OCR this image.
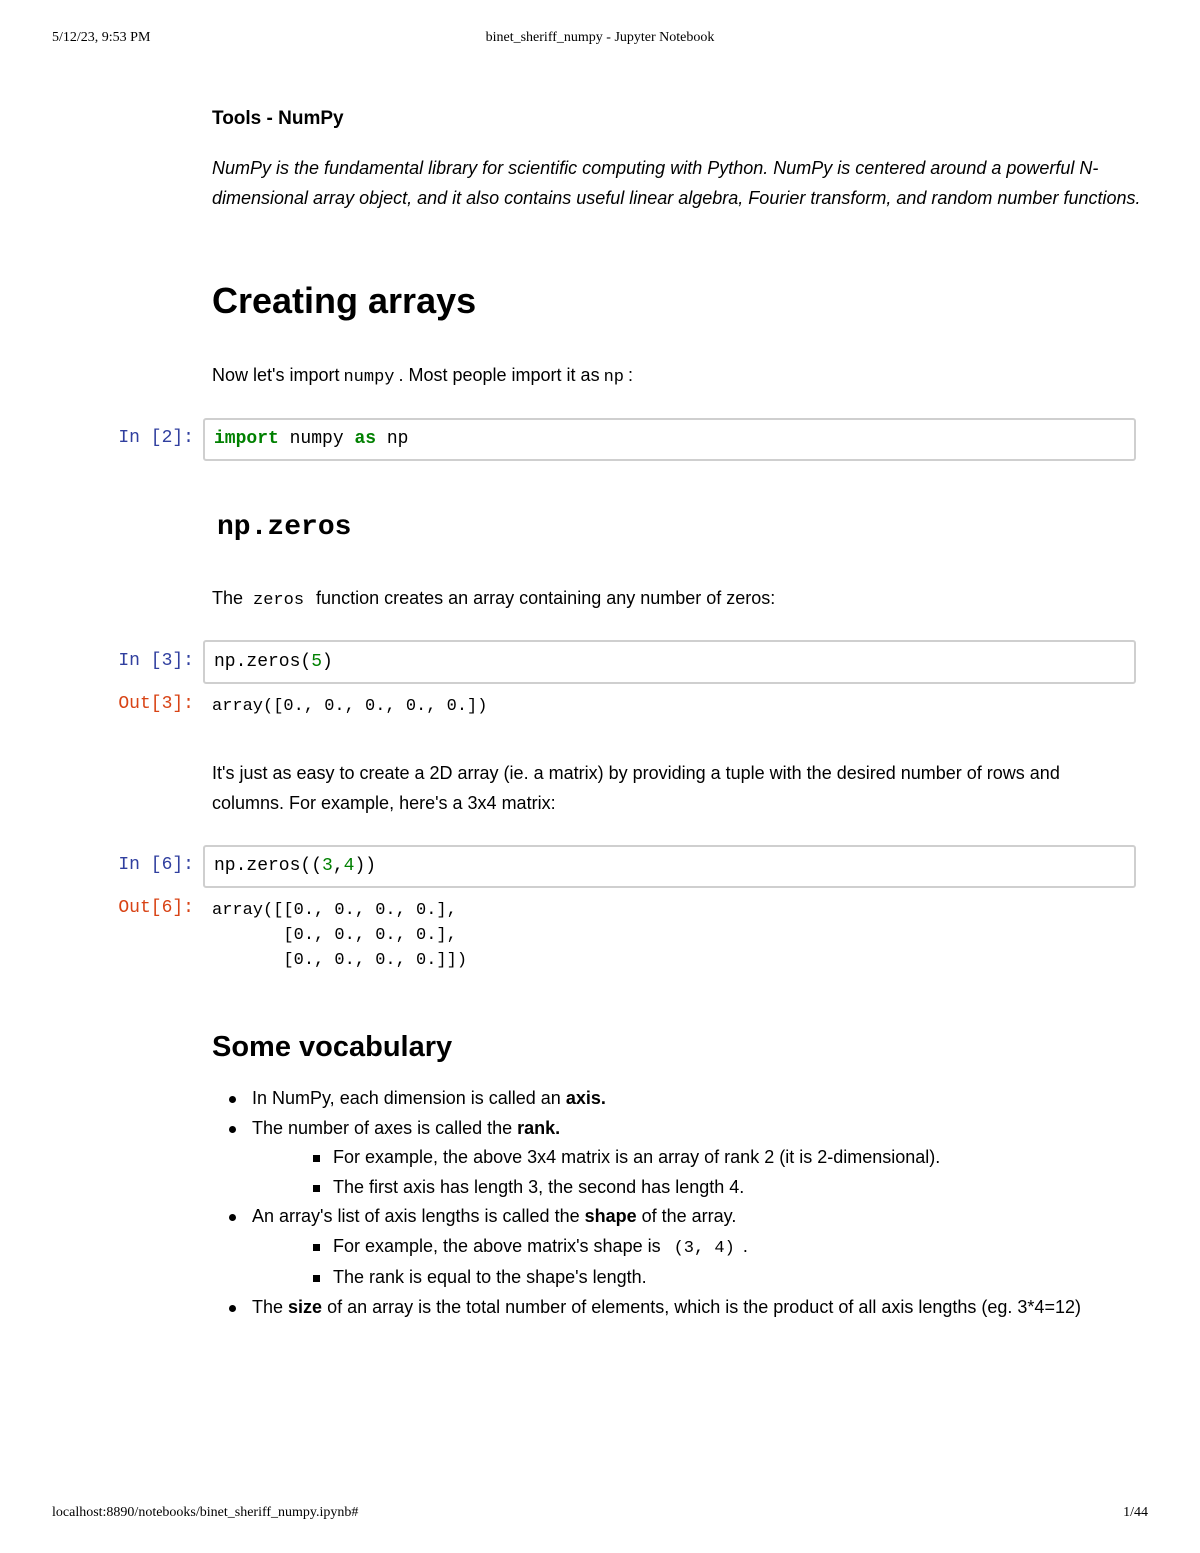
5/12/23, 9:53 PM	binet_sheriff_numpy - Jupyter Notebook
Tools - NumPy
NumPy is the fundamental library for scientific computing with Python. NumPy is centered around a powerful N-dimensional array object, and it also contains useful linear algebra, Fourier transform, and random number functions.
Creating arrays
Now let's import numpy . Most people import it as np :
In [2]: import numpy as np
np.zeros
The zeros function creates an array containing any number of zeros:
In [3]: np.zeros(5)
Out[3]: array([0., 0., 0., 0., 0.])
It's just as easy to create a 2D array (ie. a matrix) by providing a tuple with the desired number of rows and columns. For example, here's a 3x4 matrix:
In [6]: np.zeros((3,4))
Out[6]: array([[0., 0., 0., 0.],
[0., 0., 0., 0.],
[0., 0., 0., 0.]])
Some vocabulary
In NumPy, each dimension is called an axis.
The number of axes is called the rank.
For example, the above 3x4 matrix is an array of rank 2 (it is 2-dimensional).
The first axis has length 3, the second has length 4.
An array's list of axis lengths is called the shape of the array.
For example, the above matrix's shape is (3, 4) .
The rank is equal to the shape's length.
The size of an array is the total number of elements, which is the product of all axis lengths (eg. 3*4=12)
localhost:8890/notebooks/binet_sheriff_numpy.ipynb#	1/44
